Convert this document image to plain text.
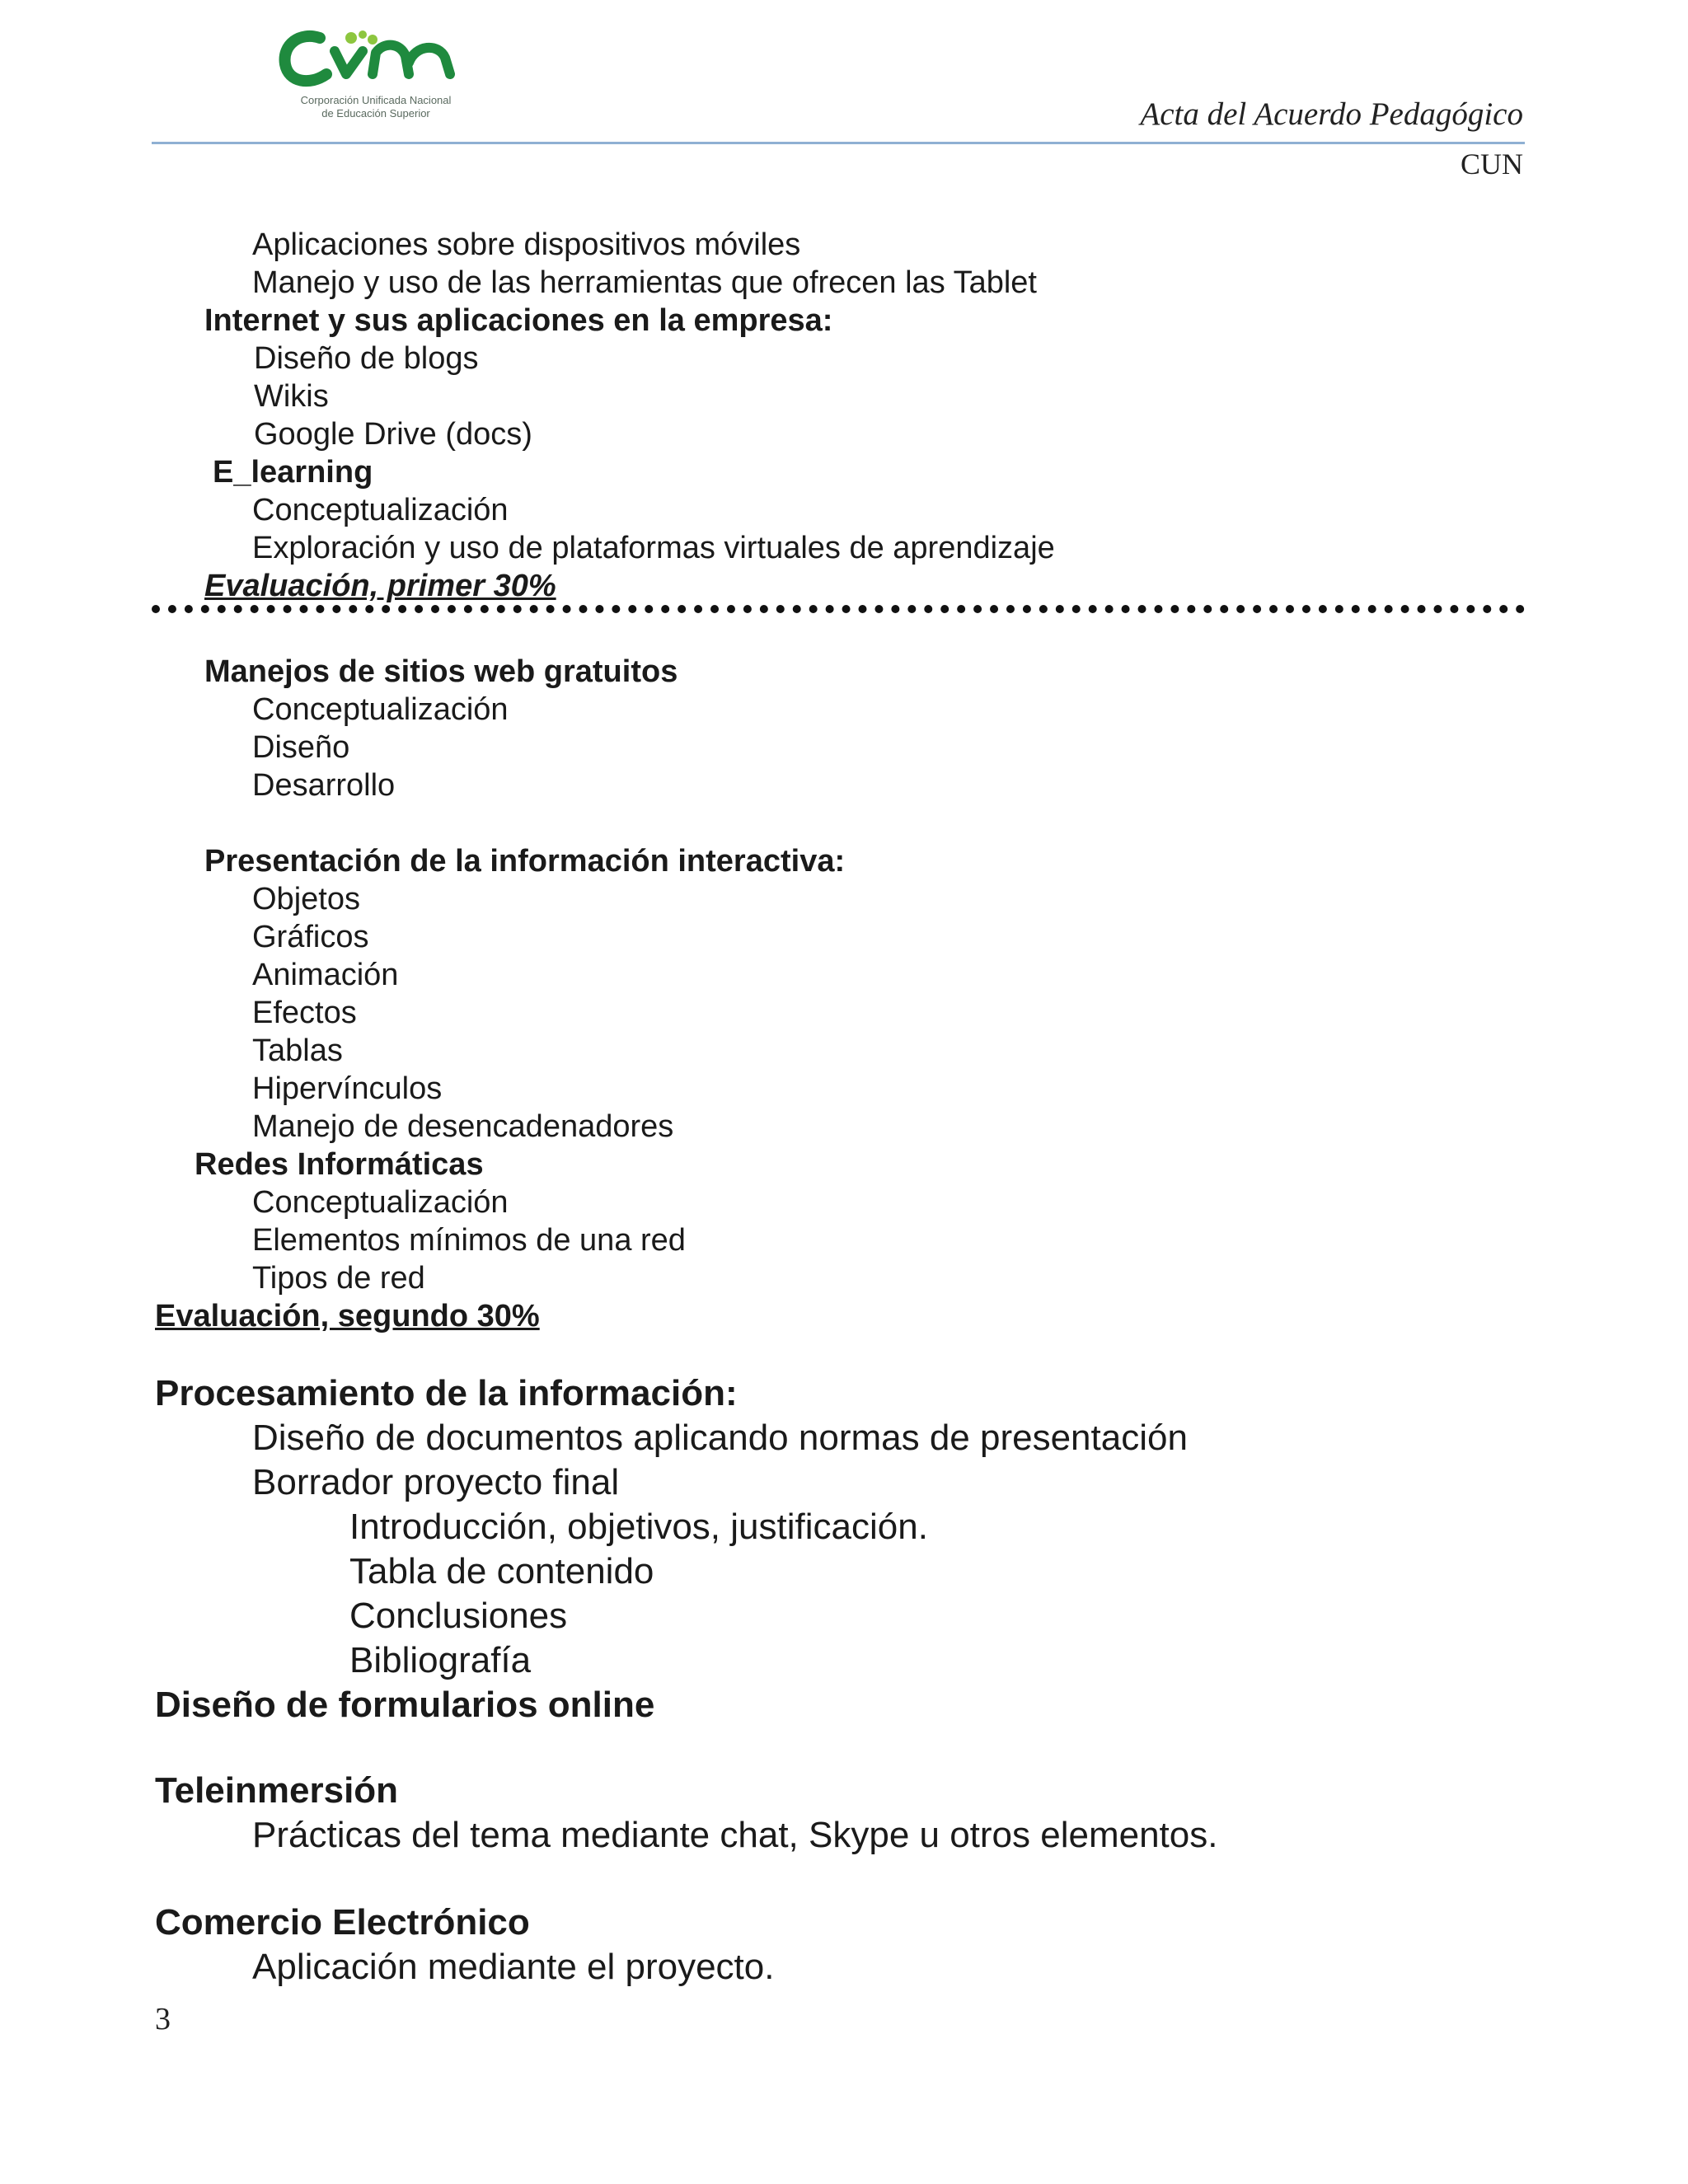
Corporación Unificada Nacional
de Educación Superior	Acta del Acuerdo Pedagógico
CUN
Aplicaciones sobre dispositivos móviles
Manejo y uso de las herramientas que ofrecen las Tablet
Internet y sus aplicaciones en la empresa:
Diseño de blogs
Wikis
Google Drive (docs)
E_learning
Conceptualización
Exploración y uso de plataformas virtuales de aprendizaje
Evaluación, primer 30%
Manejos de sitios web gratuitos
Conceptualización
Diseño
Desarrollo
Presentación de la información interactiva:
Objetos
Gráficos
Animación
Efectos
Tablas
Hipervínculos
Manejo de desencadenadores
Redes Informáticas
Conceptualización
Elementos mínimos de una red
Tipos de red
Evaluación, segundo 30%
Procesamiento de la información:
Diseño de documentos aplicando normas de presentación
Borrador proyecto final
Introducción, objetivos, justificación.
Tabla de contenido
Conclusiones
Bibliografía
Diseño de formularios online
Teleinmersión
Prácticas del tema mediante chat, Skype u otros elementos.
Comercio Electrónico
Aplicación mediante el proyecto.
3
